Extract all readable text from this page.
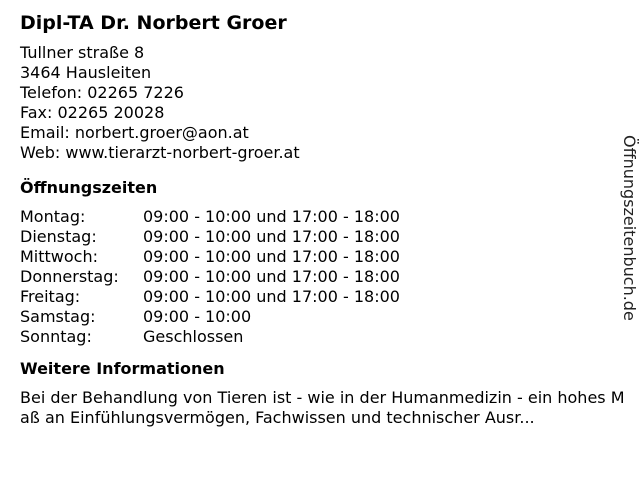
Dipl-TA Dr. Norbert Groer
Tullner straße 8
3464 Hausleiten
Telefon: 02265 7226
Fax: 02265 20028
Email: norbert.groer@aon.at
Web: www.tierarzt-norbert-groer.at
Öffnungszeiten
Montag:	09:00 - 10:00 und 17:00 - 18:00
Dienstag:	09:00 - 10:00 und 17:00 - 18:00
Mittwoch:	09:00 - 10:00 und 17:00 - 18:00
Donnerstag:	09:00 - 10:00 und 17:00 - 18:00
Freitag:	09:00 - 10:00 und 17:00 - 18:00
Samstag:	09:00 - 10:00
Sonntag:	Geschlossen
Weitere Informationen
Bei der Behandlung von Tieren ist - wie in der Humanmedizin - ein hohes Maß an Einfühlungsvermögen, Fachwissen und technischer Ausr...
Öffnungszeitenbuch.de
